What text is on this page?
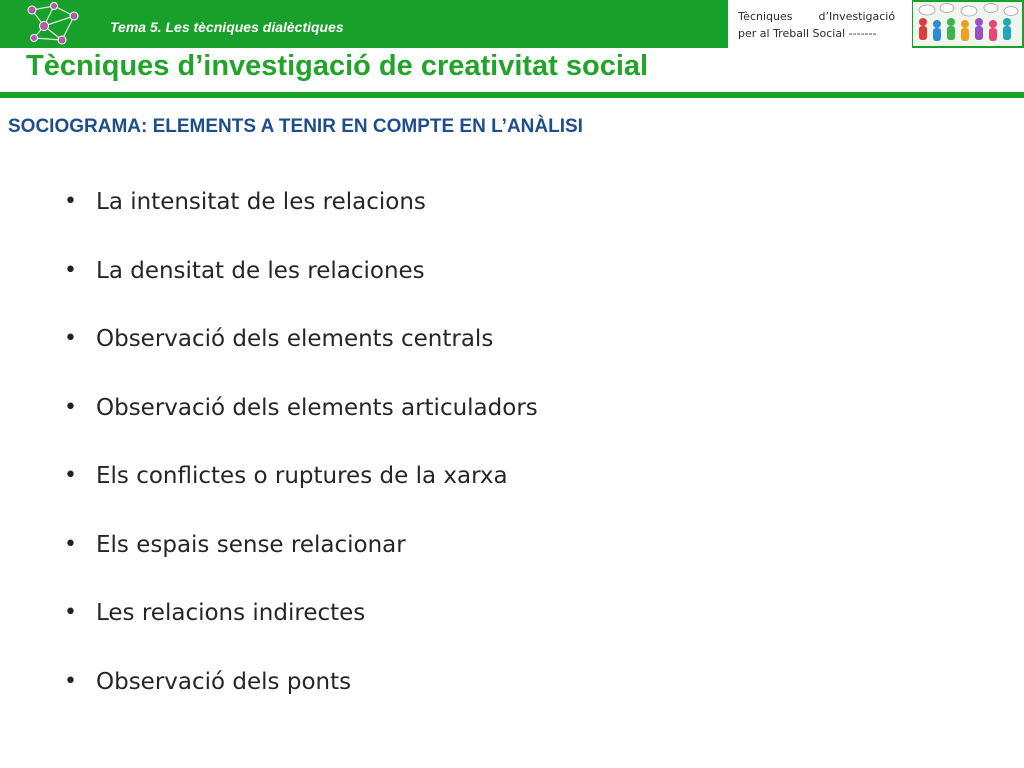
Tema 5. Les tècniques dialèctiques
Tècniques d’Investigació
per al Treball Social -------
Tècniques d’investigació de creativitat social
SOCIOGRAMA: ELEMENTS A TENIR EN COMPTE EN L’ANÀLISI
• La intensitat de les relacions
• La densitat de les relaciones
• Observació dels elements centrals
• Observació dels elements articuladors
• Els conflictes o ruptures de la xarxa
• Els espais sense relacionar
• Les relacions indirectes
• Observació dels ponts
